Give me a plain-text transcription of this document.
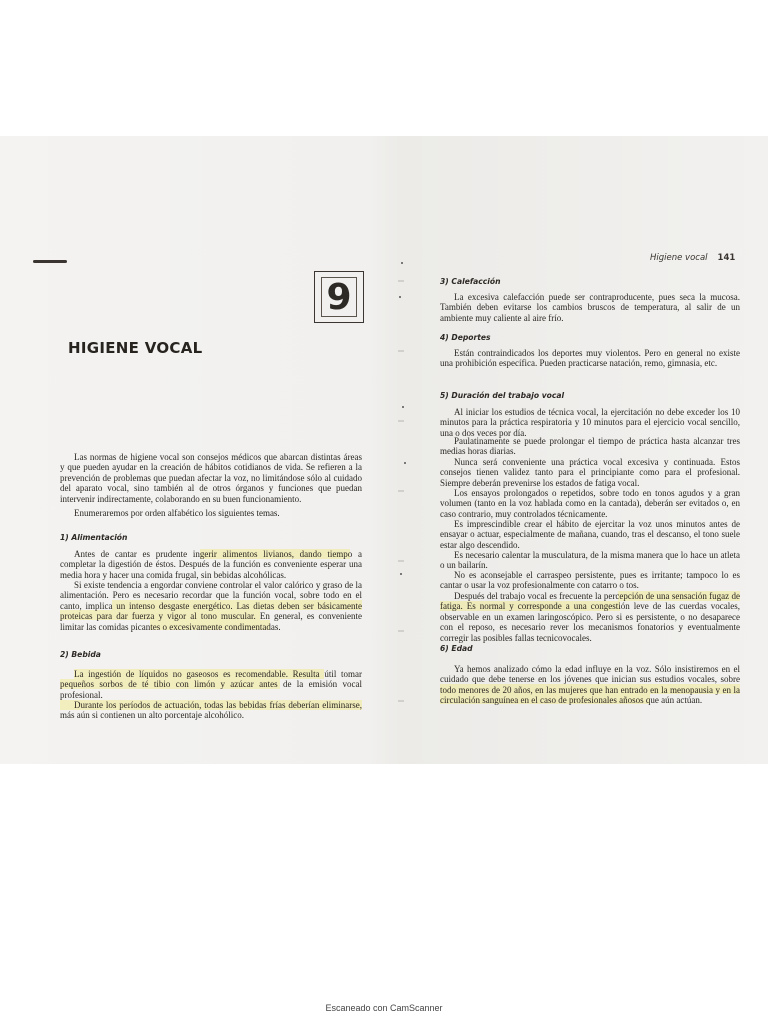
9
HIGIENE VOCAL

Las normas de higiene vocal son consejos médicos que abarcan distintas áreas y que pueden ayudar en la creación de hábitos cotidianos de vida. Se refieren a la prevención de problemas que puedan afectar la voz, no limitándose sólo al cuidado del aparato vocal, sino también al de otros órganos y funciones que puedan intervenir indirectamente, colaborando en su buen funcionamiento.

Enumeraremos por orden alfabético los siguientes temas.

1) Alimentación

Antes de cantar es prudente ingerir alimentos livianos, dando tiempo a completar la digestión de éstos. Después de la función es conveniente esperar una media hora y hacer una comida frugal, sin bebidas alcohólicas.

Si existe tendencia a engordar conviene controlar el valor calórico y graso de la alimentación. Pero es necesario recordar que la función vocal, sobre todo en el canto, implica un intenso desgaste energético. Las dietas deben ser básicamente proteicas para dar fuerza y vigor al tono muscular. En general, es conveniente limitar las comidas picantes o excesivamente condimentadas.

2) Bebida

La ingestión de líquidos no gaseosos es recomendable. Resulta útil tomar pequeños sorbos de té tibio con limón y azúcar antes de la emisión vocal profesional.

Durante los períodos de actuación, todas las bebidas frías deberían eliminarse, más aún si contienen un alto porcentaje alcohólico.

Higiene vocal 141
3) Calefacción

La excesiva calefacción puede ser contraproducente, pues seca la mucosa. También deben evitarse los cambios bruscos de temperatura, al salir de un ambiente muy caliente al aire frío.

4) Deportes

Están contraindicados los deportes muy violentos. Pero en general no existe una prohibición específica. Pueden practicarse natación, remo, gimnasia, etc.

5) Duración del trabajo vocal

Al iniciar los estudios de técnica vocal, la ejercitación no debe exceder los 10 minutos para la práctica respiratoria y 10 minutos para el ejercicio vocal sencillo, una o dos veces por día.

Paulatinamente se puede prolongar el tiempo de práctica hasta alcanzar tres medias horas diarias.

Nunca será conveniente una práctica vocal excesiva y continuada. Estos consejos tienen validez tanto para el principiante como para el profesional. Siempre deberán prevenirse los estados de fatiga vocal.

Los ensayos prolongados o repetidos, sobre todo en tonos agudos y a gran volumen (tanto en la voz hablada como en la cantada), deberán ser evitados o, en caso contrario, muy controlados técnicamente.

Es imprescindible crear el hábito de ejercitar la voz unos minutos antes de ensayar o actuar, especialmente de mañana, cuando, tras el descanso, el tono suele estar algo descendido.

Es necesario calentar la musculatura, de la misma manera que lo hace un atleta o un bailarín.

No es aconsejable el carraspeo persistente, pues es irritante; tampoco lo es cantar o usar la voz profesionalmente con catarro o tos.

Después del trabajo vocal es frecuente la percepción de una sensación fugaz de fatiga. Es normal y corresponde a una congestión leve de las cuerdas vocales, observable en un examen laringoscópico. Pero si es persistente, o no desaparece con el reposo, es necesario rever los mecanismos fonatorios y eventualmente corregir las posibles fallas tecnicovocales.

6) Edad

Ya hemos analizado cómo la edad influye en la voz. Sólo insistiremos en el cuidado que debe tenerse en los jóvenes que inician sus estudios vocales, sobre todo menores de 20 años, en las mujeres que han entrado en la menopausia y en la circulación sanguínea en el caso de profesionales añosos que aún actúan.

Escaneado con CamScanner
